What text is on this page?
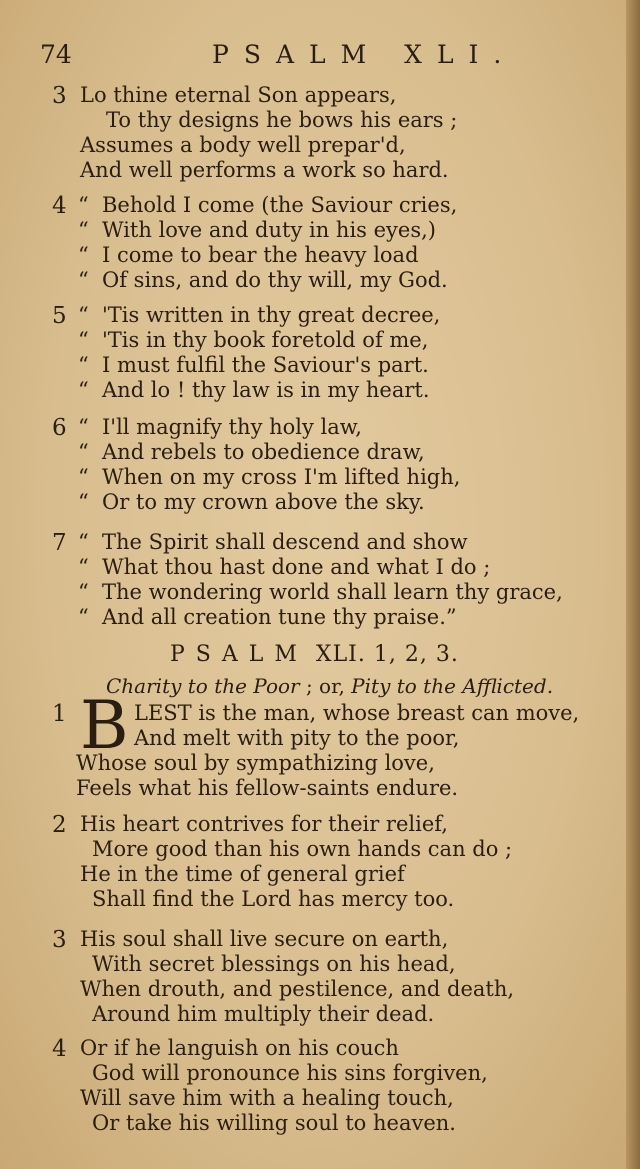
74	PSALM XLI.
3 Lo thine eternal Son appears,
To thy designs he bows his ears ;
Assumes a body well prepar'd,
And well performs a work so hard.
4 “ Behold I come (the Saviour cries,
“ With love and duty in his eyes,)
“ I come to bear the heavy load
“ Of sins, and do thy will, my God.
5 “ 'Tis written in thy great decree,
“ 'Tis in thy book foretold of me,
“ I must fulfil the Saviour's part.
“ And lo ! thy law is in my heart.
6 “ I'll magnify thy holy law,
“ And rebels to obedience draw,
“ When on my cross I'm lifted high,
“ Or to my crown above the sky.
7 “ The Spirit shall descend and show
“ What thou hast done and what I do ;
“ The wondering world shall learn thy grace,
“ And all creation tune thy praise.”
PSALM XLI. 1, 2, 3.
Charity to the Poor ; or, Pity to the Afflicted.
1 B LEST is the man, whose breast can move,
And melt with pity to the poor,
Whose soul by sympathizing love,
Feels what his fellow-saints endure.
2 His heart contrives for their relief,
More good than his own hands can do ;
He in the time of general grief
Shall find the Lord has mercy too.
3 His soul shall live secure on earth,
With secret blessings on his head,
When drouth, and pestilence, and death,
Around him multiply their dead.
4 Or if he languish on his couch
God will pronounce his sins forgiven,
Will save him with a healing touch,
Or take his willing soul to heaven.
